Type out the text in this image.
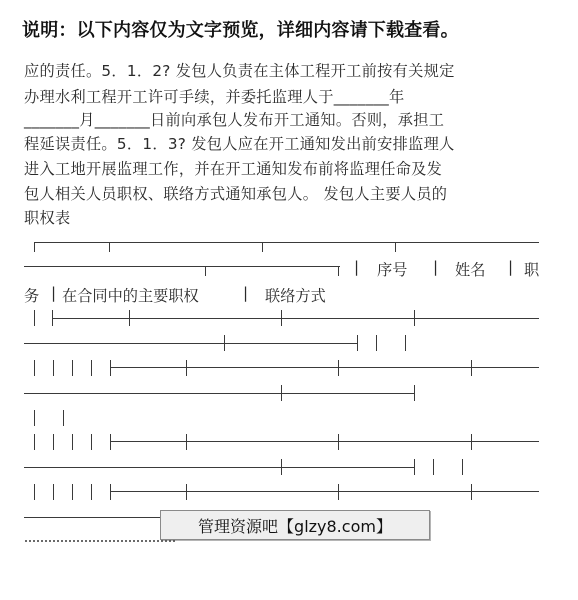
说明：以下内容仅为文字预览，详细内容请下载查看。
应的责任。5．1．2? 发包人负责在主体工程开工前按有关规定
办理水利工程开工许可手续，并委托监理人于_______年
_______月_______日前向承包人发布开工通知。否则，承担工
程延误责任。5．1．3? 发包人应在开工通知发出前安排监理人
进入工地开展监理工作，并在开工通知发布前将监理任命及发
包人相关人员职权、联络方式通知承包人。 发包人主要人员的
职权表
| 序号 | 姓名 | 职
务 | 在合同中的主要职权	| 联络方式
管理资源吧【glzy8.com】
